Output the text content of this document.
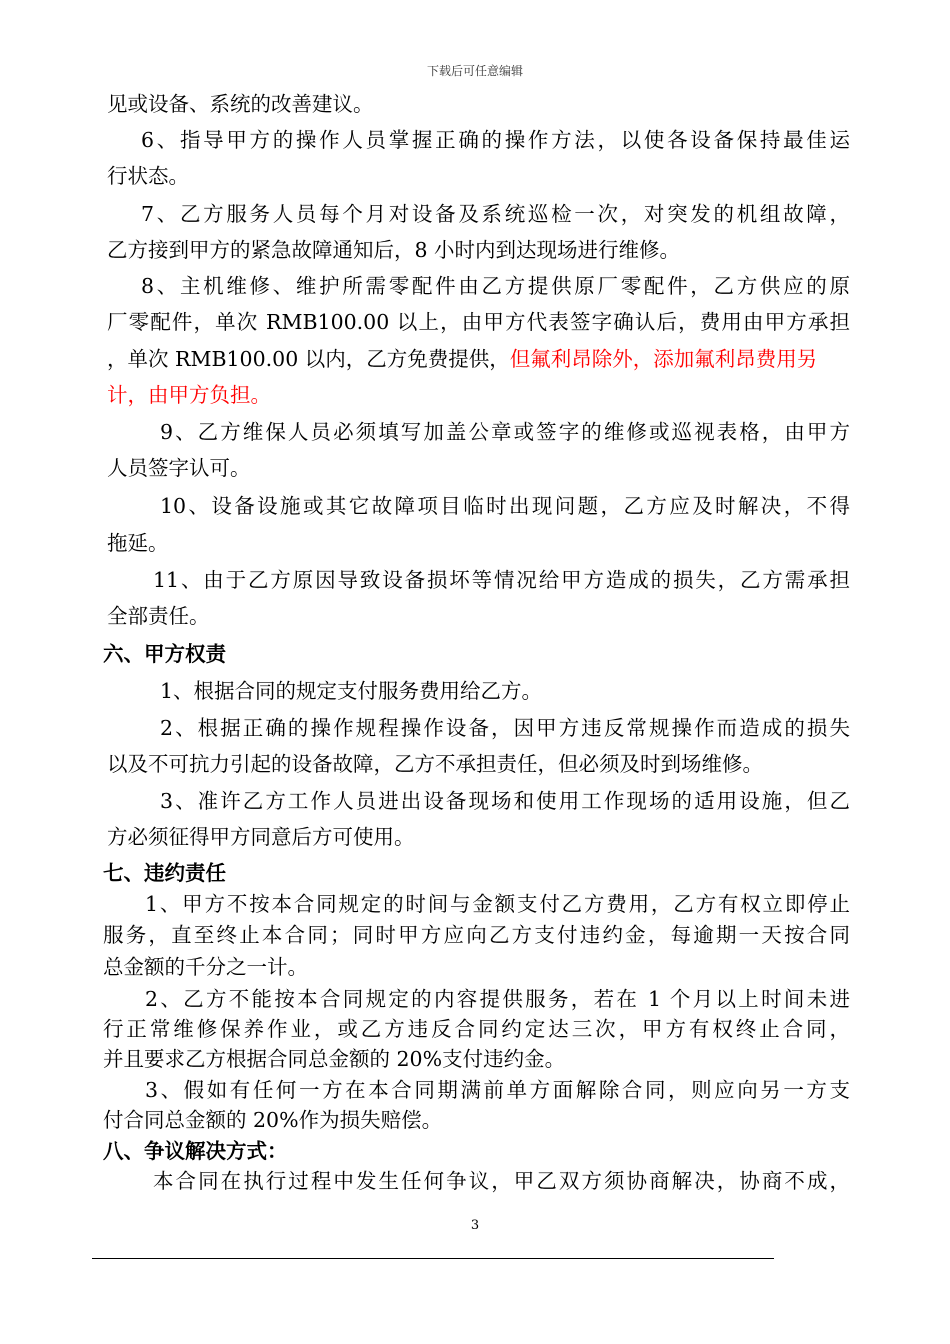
下载后可任意编辑
见或设备、系统的改善建议。
6、指导甲方的操作人员掌握正确的操作方法，以使各设备保持最佳运
行状态。
7、乙方服务人员每个月对设备及系统巡检一次，对突发的机组故障，
乙方接到甲方的紧急故障通知后，8 小时内到达现场进行维修。
8、主机维修、维护所需零配件由乙方提供原厂零配件，乙方供应的原
厂零配件，单次 RMB100.00 以上，由甲方代表签字确认后，费用由甲方承担
，单次 RMB100.00 以内，乙方免费提供，但氟利昂除外，添加氟利昂费用另
计，由甲方负担。
9、乙方维保人员必须填写加盖公章或签字的维修或巡视表格，由甲方
人员签字认可。
10、设备设施或其它故障项目临时出现问题，乙方应及时解决，不得
拖延。
11、由于乙方原因导致设备损坏等情况给甲方造成的损失，乙方需承担
全部责任。
六、甲方权责
1、根据合同的规定支付服务费用给乙方。
2、根据正确的操作规程操作设备，因甲方违反常规操作而造成的损失
以及不可抗力引起的设备故障，乙方不承担责任，但必须及时到场维修。
3、准许乙方工作人员进出设备现场和使用工作现场的适用设施，但乙
方必须征得甲方同意后方可使用。
七、违约责任
1、甲方不按本合同规定的时间与金额支付乙方费用，乙方有权立即停止
服务，直至终止本合同；同时甲方应向乙方支付违约金，每逾期一天按合同
总金额的千分之一计。
2、乙方不能按本合同规定的内容提供服务，若在 1 个月以上时间未进
行正常维修保养作业，或乙方违反合同约定达三次，甲方有权终止合同，
并且要求乙方根据合同总金额的 20%支付违约金。
3、假如有任何一方在本合同期满前单方面解除合同，则应向另一方支
付合同总金额的 20%作为损失赔偿。
八、争议解决方式：
本合同在执行过程中发生任何争议，甲乙双方须协商解决，协商不成，
3
